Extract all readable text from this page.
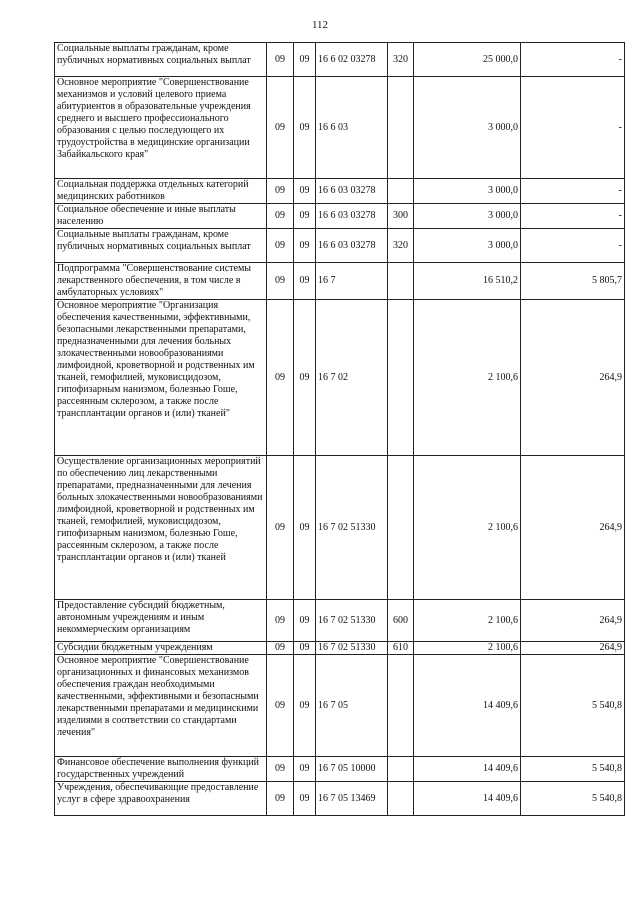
112
Социальные выплаты гражданам, кроме публичных нормативных социальных выплат	09	09	16 6 02 03278	320	25 000,0	-
Основное мероприятие "Совершенствование механизмов и условий целевого приема абитуриентов в образовательные учреждения среднего и высшего профессионального образования с целью последующего их трудоустройства в медицинские организации Забайкальского края"	09	09	16 6 03		3 000,0	-
Социальная поддержка отдельных категорий медицинских работников	09	09	16 6 03 03278		3 000,0	-
Социальное обеспечение и иные выплаты населению	09	09	16 6 03 03278	300	3 000,0	-
Социальные выплаты гражданам, кроме публичных нормативных социальных выплат	09	09	16 6 03 03278	320	3 000,0	-
Подпрограмма "Совершенствование системы лекарственного обеспечения, в том числе в амбулаторных условиях"	09	09	16 7		16 510,2	5 805,7
Основное мероприятие "Организация обеспечения качественными, эффективными, безопасными лекарственными препаратами, предназначенными для лечения больных злокачественными новообразованиями лимфоидной, кроветворной и родственных им тканей, гемофилией, муковисцидозом, гипофизарным нанизмом, болезнью Гоше, рассеянным склерозом, а также после трансплантации органов и (или) тканей"	09	09	16 7 02		2 100,6	264,9
Осуществление организационных мероприятий по обеспечению лиц лекарственными препаратами, предназначенными для лечения больных злокачественными новообразованиями лимфоидной, кроветворной и родственных им тканей, гемофилией, муковисцидозом, гипофизарным нанизмом, болезнью Гоше, рассеянным склерозом, а также после трансплантации органов и (или) тканей	09	09	16 7 02 51330		2 100,6	264,9
Предоставление субсидий бюджетным, автономным учреждениям и иным некоммерческим организациям	09	09	16 7 02 51330	600	2 100,6	264,9
Субсидии бюджетным учреждениям	09	09	16 7 02 51330	610	2 100,6	264,9
Основное мероприятие "Совершенствование организационных и финансовых механизмов обеспечения граждан необходимыми качественными, эффективными и безопасными лекарственными препаратами и медицинскими изделиями в соответствии со стандартами лечения"	09	09	16 7 05		14 409,6	5 540,8
Финансовое обеспечение выполнения функций государственных учреждений	09	09	16 7 05 10000		14 409,6	5 540,8
Учреждения, обеспечивающие предоставление услуг в сфере здравоохранения	09	09	16 7 05 13469		14 409,6	5 540,8
